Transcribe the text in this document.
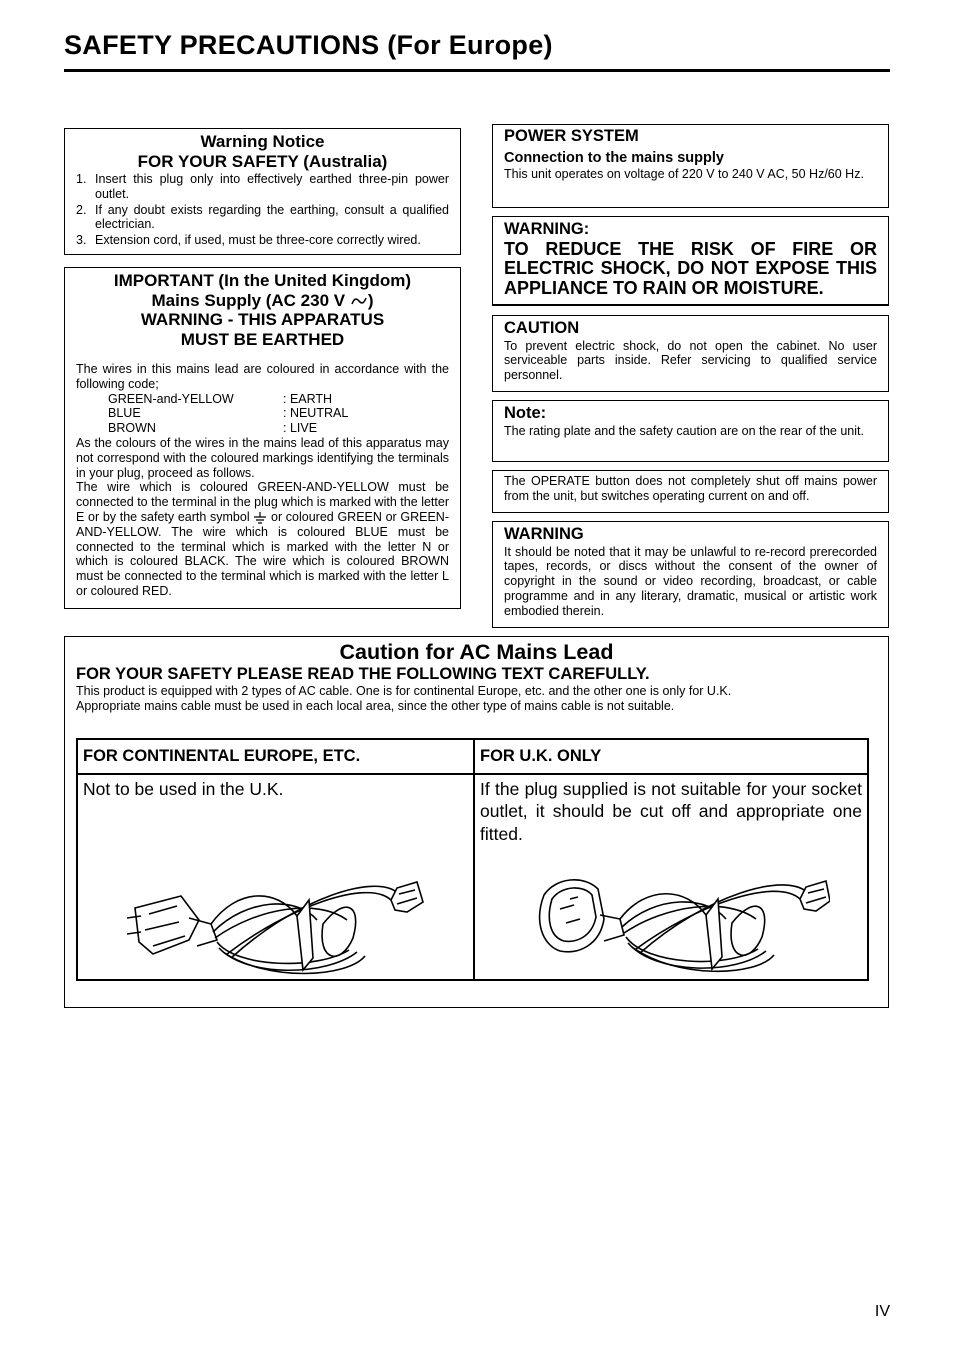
SAFETY PRECAUTIONS (For Europe)
Warning Notice
FOR YOUR SAFETY (Australia)
1. Insert this plug only into effectively earthed three-pin power outlet.
2. If any doubt exists regarding the earthing, consult a qualified electrician.
3. Extension cord, if used, must be three-core correctly wired.
IMPORTANT (In the United Kingdom)
Mains Supply (AC 230 V )
WARNING - THIS APPARATUS
MUST BE EARTHED
The wires in this mains lead are coloured in accordance with the following code;
GREEN-and-YELLOW	: EARTH
BLUE	: NEUTRAL
BROWN	: LIVE
As the colours of the wires in the mains lead of this apparatus may not correspond with the coloured markings identifying the terminals in your plug, proceed as follows.
The wire which is coloured GREEN-AND-YELLOW must be connected to the terminal in the plug which is marked with the letter E or by the safety earth symbol or coloured GREEN or GREEN-AND-YELLOW. The wire which is coloured BLUE must be connected to the terminal which is marked with the letter N or which is coloured BLACK. The wire which is coloured BROWN must be connected to the terminal which is marked with the letter L or coloured RED.
POWER SYSTEM
Connection to the mains supply
This unit operates on voltage of 220 V to 240 V AC, 50 Hz/60 Hz.
WARNING:
TO REDUCE THE RISK OF FIRE OR ELECTRIC SHOCK, DO NOT EXPOSE THIS APPLIANCE TO RAIN OR MOISTURE.
CAUTION
To prevent electric shock, do not open the cabinet. No user serviceable parts inside. Refer servicing to qualified service personnel.
Note:
The rating plate and the safety caution are on the rear of the unit.
The OPERATE button does not completely shut off mains power from the unit, but switches operating current on and off.
WARNING
It should be noted that it may be unlawful to re-record prerecorded tapes, records, or discs without the consent of the owner of copyright in the sound or video recording, broadcast, or cable programme and in any literary, dramatic, musical or artistic work embodied therein.
Caution for AC Mains Lead
FOR YOUR SAFETY PLEASE READ THE FOLLOWING TEXT CAREFULLY.
This product is equipped with 2 types of AC cable. One is for continental Europe, etc. and the other one is only for U.K.
Appropriate mains cable must be used in each local area, since the other type of mains cable is not suitable.
FOR CONTINENTAL EUROPE, ETC.	FOR U.K. ONLY

Not to be used in the U.K.	If the plug supplied is not suitable for your socket outlet, it should be cut off and appropriate one fitted.
IV
